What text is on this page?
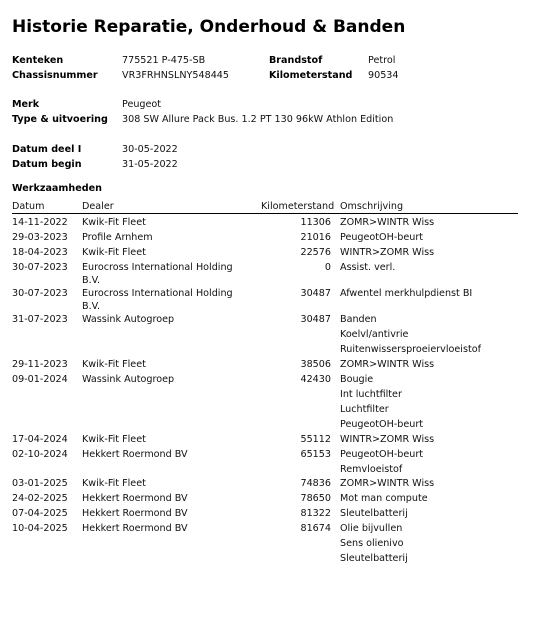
Historie Reparatie, Onderhoud & Banden
Kenteken	775521 P-475-SB	Brandstof	Petrol
Chassisnummer	VR3FRHNSLNY548445	Kilometerstand 90534
Merk	Peugeot
Type & uitvoering 308 SW Allure Pack Bus. 1.2 PT 130 96kW Athlon Edition
Datum deel I	30-05-2022
Datum begin	31-05-2022
Werkzaamheden
Datum	Dealer	Kilometerstand Omschrijving
14-11-2022 Kwik-Fit Fleet	11306 ZOMR>WINTR Wiss
29-03-2023 Profile Arnhem	21016 PeugeotOH-beurt
18-04-2023 Kwik-Fit Fleet	22576 WINTR>ZOMR Wiss
30-07-2023 Eurocross International Holding B.V.
0 Assist. verl.
30-07-2023 Eurocross International Holding B.V.
30487 Afwentel merkhulpdienst BI
31-07-2023 Wassink Autogroep	30487 Banden
Koelvl/antivrie
Ruitenwissersproeiervloeistof
29-11-2023 Kwik-Fit Fleet	38506 ZOMR>WINTR Wiss
09-01-2024 Wassink Autogroep	42430 Bougie
Int luchtfilter
Luchtfilter
PeugeotOH-beurt
17-04-2024 Kwik-Fit Fleet	55112 WINTR>ZOMR Wiss
02-10-2024 Hekkert Roermond BV	65153 PeugeotOH-beurt
Remvloeistof
03-01-2025 Kwik-Fit Fleet	74836 ZOMR>WINTR Wiss
24-02-2025 Hekkert Roermond BV	78650 Mot man compute
07-04-2025 Hekkert Roermond BV	81322 Sleutelbatterij
10-04-2025 Hekkert Roermond BV	81674 Olie bijvullen
Sens olienivo
Sleutelbatterij
